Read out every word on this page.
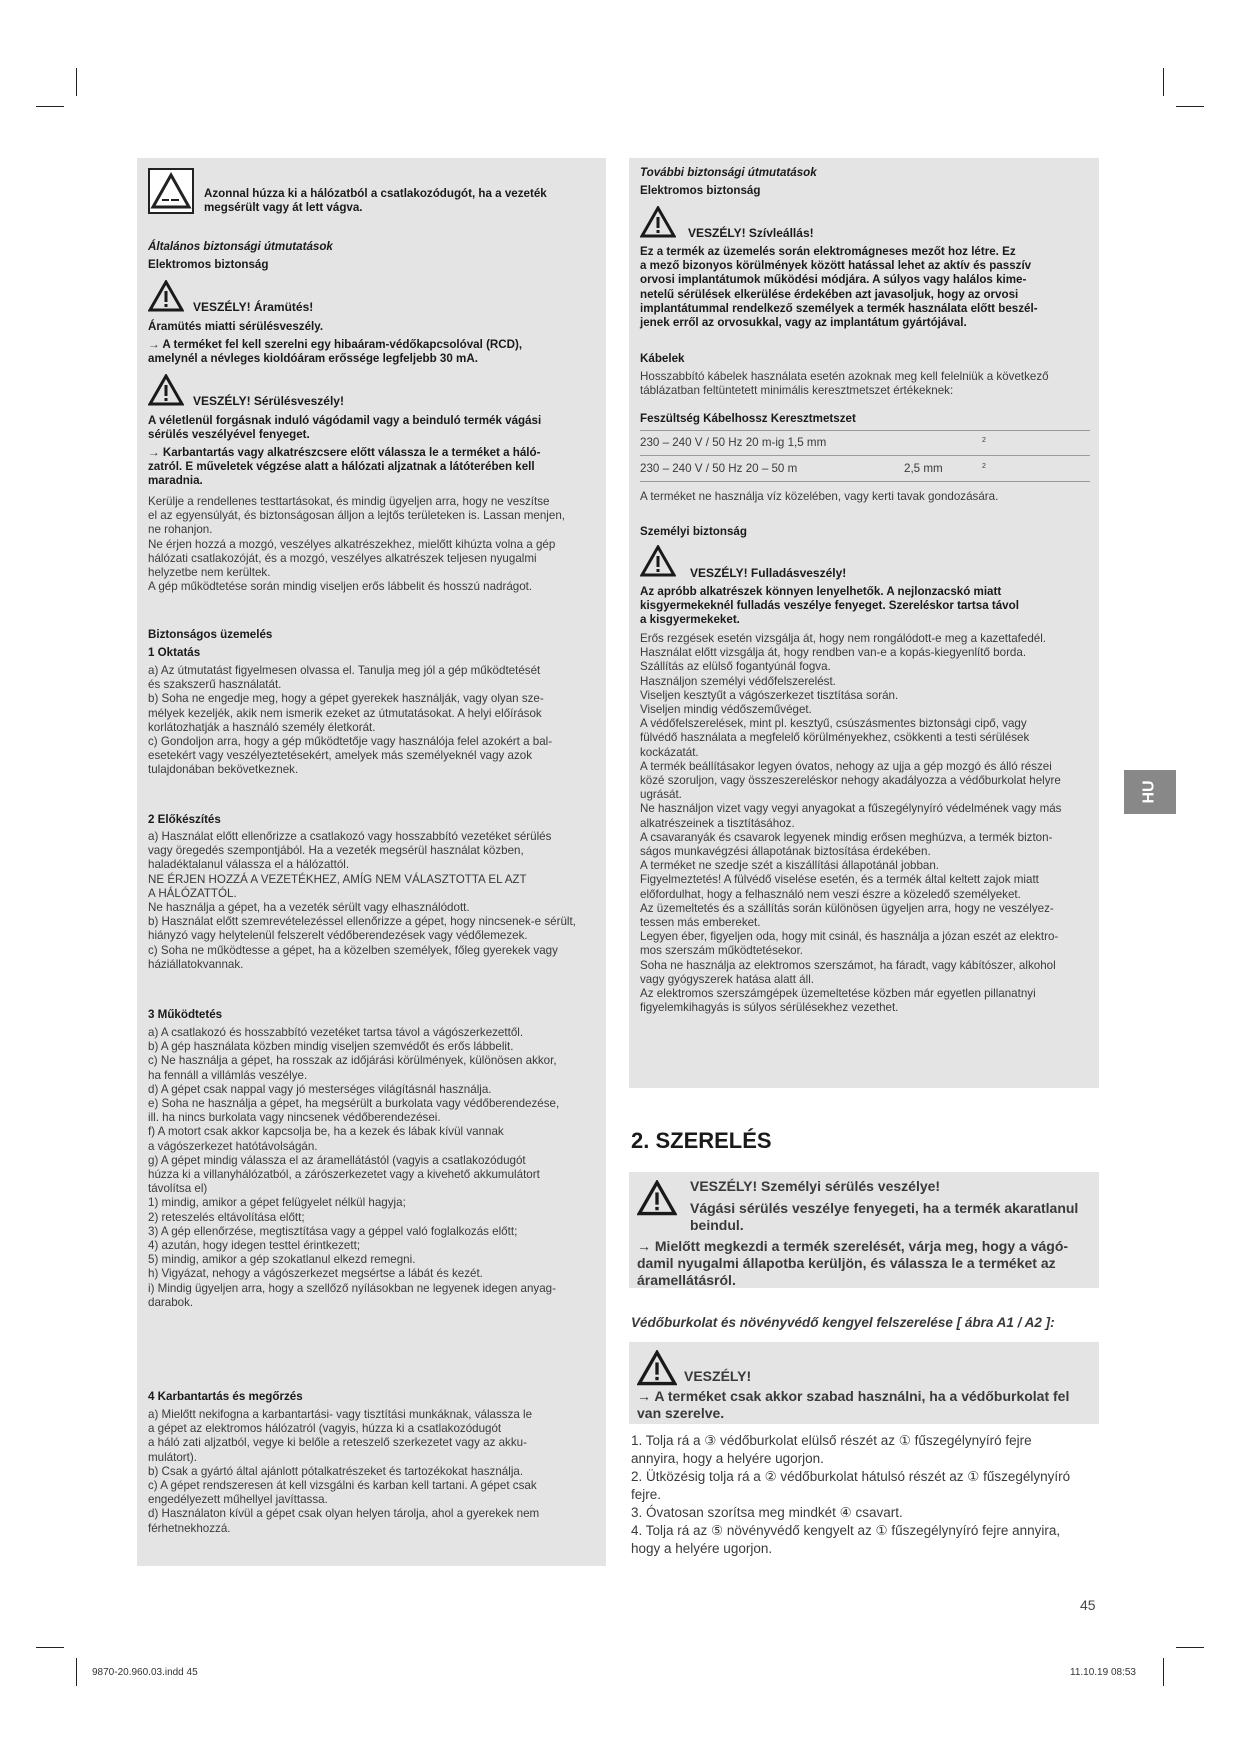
Azonnal húzza ki a hálózatból a csatlakozódugót, ha a vezeték
megsérült vagy át lett vágva.
Általános biztonsági útmutatások
Elektromos biztonság
VESZÉLY! Áramütés!
Áramütés miatti sérülésveszély.
→ A terméket fel kell szerelni egy hibaáram-védőkapcsolóval (RCD),
amelynél a névleges kioldóáram erőssége legfeljebb 30 mA.
VESZÉLY! Sérülésveszély!
A véletlenül forgásnak induló vágódamil vagy a beinduló termék vágási
sérülés veszélyével fenyeget.
→ Karbantartás vagy alkatrészcsere előtt válassza le a terméket a háló-
zatról. E műveletek végzése alatt a hálózati aljzatnak a látóterében kell
maradnia.
Kerülje a rendellenes testtartásokat, és mindig ügyeljen arra, hogy ne veszítse
el az egyensúlyát, és biztonságosan álljon a lejtős területeken is. Lassan menjen,
ne rohanjon.
Ne érjen hozzá a mozgó, veszélyes alkatrészekhez, mielőtt kihúzta volna a gép
hálózati csatlakozóját, és a mozgó, veszélyes alkatrészek teljesen nyugalmi
helyzetbe nem kerültek.
A gép működtetése során mindig viseljen erős lábbelit és hosszú nadrágot.
Biztonságos üzemelés
1 Oktatás
a) Az útmutatást figyelmesen olvassa el. Tanulja meg jól a gép működtetését
és szakszerű használatát.
b) Soha ne engedje meg, hogy a gépet gyerekek használják, vagy olyan sze-
mélyek kezeljék, akik nem ismerik ezeket az útmutatásokat. A helyi előírások
korlátozhatják a használó személy életkorát.
c) Gondoljon arra, hogy a gép működtetője vagy használója felel azokért a bal-
esetekért vagy veszélyeztetésekért, amelyek más személyeknél vagy azok
tulajdonában bekövetkeznek.
2 Előkészítés
a) Használat előtt ellenőrizze a csatlakozó vagy hosszabbító vezetéket sérülés
vagy öregedés szempontjából. Ha a vezeték megsérül használat közben,
haladéktalanul válassza el a hálózattól.
NE ÉRJEN HOZZÁ A VEZETÉKHEZ, AMÍG NEM VÁLASZTOTTA EL AZT
A HÁLÓZATTÓL.
Ne használja a gépet, ha a vezeték sérült vagy elhasználódott.
b) Használat előtt szemrevételezéssel ellenőrizze a gépet, hogy nincsenek-e sérült,
hiányzó vagy helytelenül felszerelt védőberendezések vagy védőlemezek.
c) Soha ne működtesse a gépet, ha a közelben személyek, főleg gyerekek vagy
háziállatokvannak.
3 Működtetés
a) A csatlakozó és hosszabbító vezetéket tartsa távol a vágószerkezettől.
b) A gép használata közben mindig viseljen szemvédőt és erős lábbelit.
c) Ne használja a gépet, ha rosszak az időjárási körülmények, különösen akkor,
ha fennáll a villámlás veszélye.
d) A gépet csak nappal vagy jó mesterséges világításnál használja.
e) Soha ne használja a gépet, ha megsérült a burkolata vagy védőberendezése,
ill. ha nincs burkolata vagy nincsenek védőberendezései.
f) A motort csak akkor kapcsolja be, ha a kezek és lábak kívül vannak
a vágószerkezet hatótávolságán.
g) A gépet mindig válassza el az áramellátástól (vagyis a csatlakozódugót
húzza ki a villanyhálózatból, a zárószerkezetet vagy a kivehető akkumulátort
távolítsa el)
1) mindig, amikor a gépet felügyelet nélkül hagyja;
2) reteszelés eltávolítása előtt;
3) A gép ellenőrzése, megtisztítása vagy a géppel való foglalkozás előtt;
4) azután, hogy idegen testtel érintkezett;
5) mindig, amikor a gép szokatlanul elkezd remegni.
h) Vigyázat, nehogy a vágószerkezet megsértse a lábát és kezét.
i) Mindig ügyeljen arra, hogy a szellőző nyílásokban ne legyenek idegen anyag-
darabok.
4 Karbantartás és megőrzés
a) Mielőtt nekifogna a karbantartási- vagy tisztítási munkáknak, válassza le
a gépet az elektromos hálózatról (vagyis, húzza ki a csatlakozódugót
a háló zati aljzatból, vegye ki belőle a reteszelő szerkezetet vagy az akku-
mulátort).
b) Csak a gyártó által ajánlott pótalkatrészeket és tartozékokat használja.
c) A gépet rendszeresen át kell vizsgálni és karban kell tartani. A gépet csak
engedélyezett műhellyel javíttassa.
d) Használaton kívül a gépet csak olyan helyen tárolja, ahol a gyerekek nem
férhetnekhozzá.
További biztonsági útmutatások
Elektromos biztonság
VESZÉLY! Szívleállás!
Ez a termék az üzemelés során elektromágneses mezőt hoz létre. Ez
a mező bizonyos körülmények között hatással lehet az aktív és passzív
orvosi implantátumok működési módjára. A súlyos vagy halálos kime-
netelű sérülések elkerülése érdekében azt javasoljuk, hogy az orvosi
implantátummal rendelkező személyek a termék használata előtt beszél-
jenek erről az orvosukkal, vagy az implantátum gyártójával.
Kábelek
Hosszabbító kábelek használata esetén azoknak meg kell felelniük a következő
táblázatban feltüntetett minimális keresztmetszet értékeknek:
Feszültség Kábelhossz Keresztmetszet
230 – 240 V / 50 Hz 20 m-ig 1,5 mm	2
230 – 240 V / 50 Hz 20 – 50 m	2,5 mm	2
A terméket ne használja víz közelében, vagy kerti tavak gondozására.
Személyi biztonság
VESZÉLY! Fulladásveszély!
Az apróbb alkatrészek könnyen lenyelhetők. A nejlonzacskó miatt
kisgyermekeknél fulladás veszélye fenyeget. Szereléskor tartsa távol
a kisgyermekeket.
Erős rezgések esetén vizsgálja át, hogy nem rongálódott-e meg a kazettafedél.
Használat előtt vizsgálja át, hogy rendben van-e a kopás-kiegyenlítő borda.
Szállítás az elülső fogantyúnál fogva.
Használjon személyi védőfelszerelést.
Viseljen kesztyűt a vágószerkezet tisztítása során.
Viseljen mindig védőszeművéget.
A védőfelszerelések, mint pl. kesztyű, csúszásmentes biztonsági cipő, vagy
fülvédő használata a megfelelő körülményekhez, csökkenti a testi sérülések
kockázatát.
A termék beállításakor legyen óvatos, nehogy az ujja a gép mozgó és álló részei
közé szoruljon, vagy összeszereléskor nehogy akadályozza a védőburkolat helyre
ugrását.
Ne használjon vizet vagy vegyi anyagokat a fűszegélynyíró védelmének vagy más
alkatrészeinek a tisztításához.
A csavaranyák és csavarok legyenek mindig erősen meghúzva, a termék bizton-
ságos munkavégzési állapotának biztosítása érdekében.
A terméket ne szedje szét a kiszállítási állapotánál jobban.
Figyelmeztetés! A fülvédő viselése esetén, és a termék által keltett zajok miatt
előfordulhat, hogy a felhasználó nem veszi észre a közeledő személyeket.
Az üzemeltetés és a szállítás során különösen ügyeljen arra, hogy ne veszélyez-
tessen más embereket.
Legyen éber, figyeljen oda, hogy mit csinál, és használja a józan eszét az elektro-
mos szerszám működtetésekor.
Soha ne használja az elektromos szerszámot, ha fáradt, vagy kábítószer, alkohol
vagy gyógyszerek hatása alatt áll.
Az elektromos szerszámgépek üzemeltetése közben már egyetlen pillanatnyi
figyelemkihagyás is súlyos sérülésekhez vezethet.
HU
2. SZERELÉS
VESZÉLY! Személyi sérülés veszélye!
Vágási sérülés veszélye fenyegeti, ha a termék akaratlanul
beindul.
→ Mielőtt megkezdi a termék szerelését, várja meg, hogy a vágó-
damil nyugalmi állapotba kerüljön, és válassza le a terméket az
áramellátásról.
Védőburkolat és növényvédő kengyel felszerelése [ ábra A1 / A2 ]:
VESZÉLY!
→ A terméket csak akkor szabad használni, ha a védőburkolat fel
van szerelve.
1. Tolja rá a ③ védőburkolat elülső részét az ① fűszegélynyíró fejre
annyira, hogy a helyére ugorjon.
2. Ütközésig tolja rá a ② védőburkolat hátulsó részét az ① fűszegélynyíró
fejre.
3. Óvatosan szorítsa meg mindkét ④ csavart.
4. Tolja rá az ⑤ növényvédő kengyelt az ① fűszegélynyíró fejre annyira,
hogy a helyére ugorjon.
45
9870-20.960.03.indd 45	11.10.19 08:53
